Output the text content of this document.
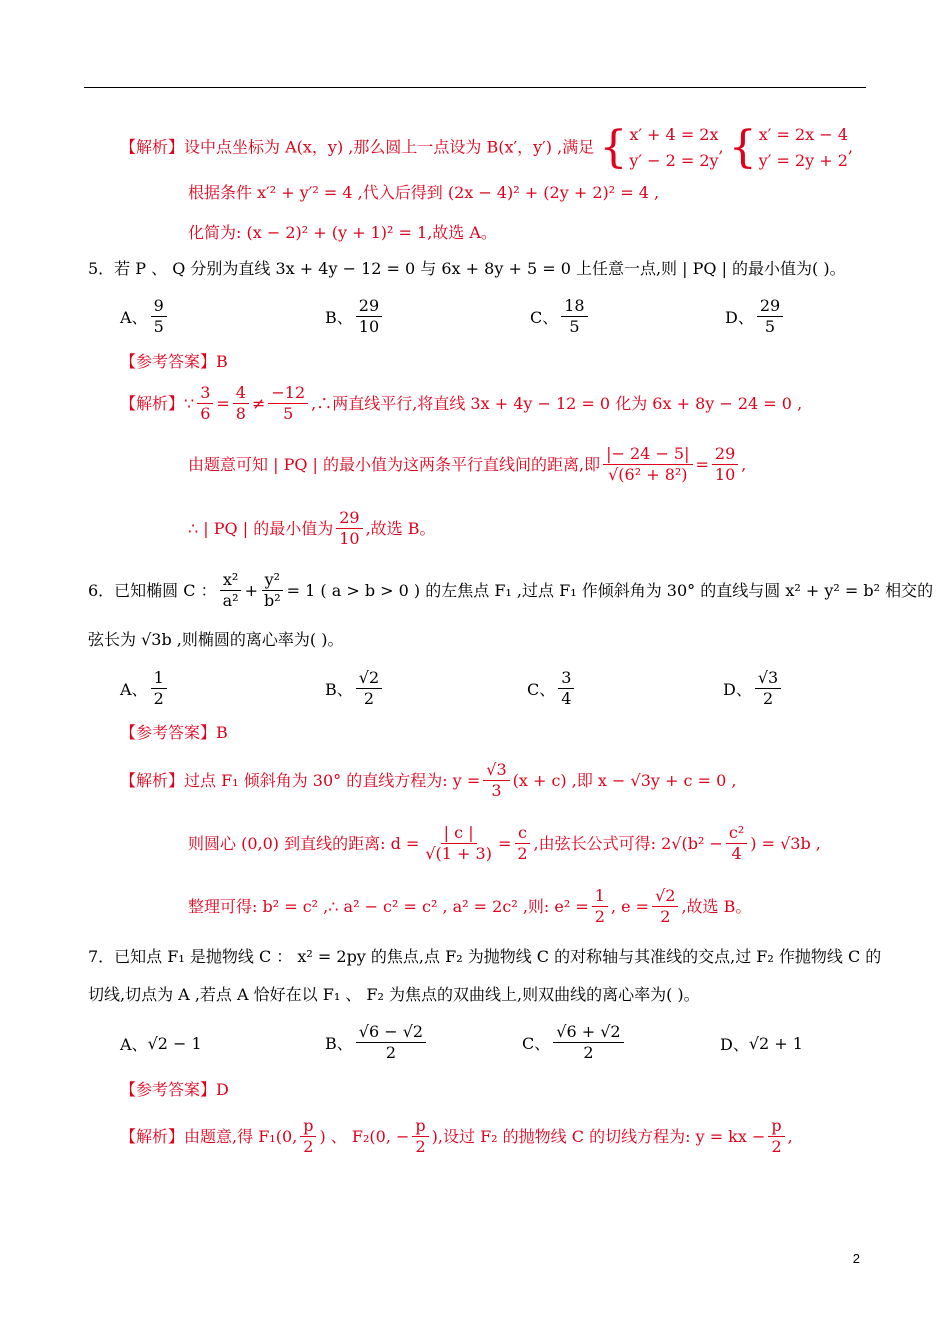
【解析】设中点坐标为 A(x，y) ,那么圆上一点设为 B(x′，y′) ,满足 { x′ + 4 = 2x
y′ − 2 = 2y
, { x′ = 2x − 4
y′ = 2y + 2
,
根据条件 x′² + y′² = 4 ,代入后得到 (2x − 4)² + (2y + 2)² = 4 ,
化简为: (x − 2)² + (y + 1)² = 1,故选 A。
5．若 P 、 Q 分别为直线 3x + 4y − 12 = 0 与 6x + 8y + 5 = 0 上任意一点,则 | PQ | 的最小值为( )。
A、 $\frac{9}{5}$	B、 $\frac{29}{10}$	C、 $\frac{18}{5}$	D、 $\frac{29}{5}$
【参考答案】B
【解析】 ∵ $\frac{3}{6} = \frac{4}{8} \ne \frac{-12}{5}$ ,∴两直线平行,将直线 3x + 4y − 12 = 0 化为 6x + 8y − 24 = 0 ,
由题意可知 | PQ | 的最小值为这两条平行直线间的距离,即 $\frac{|- 24 - 5|}{\text{√(6² + 8²)}} = \frac{29}{10}$ ,
∴ | PQ | 的最小值为 $\frac{29}{10}$ ,故选 B。
6．已知椭圆 C ： $\frac{\text{x²}}{\text{a²}} + \frac{\text{y²}}{\text{b²}} = 1$ ( a > b > 0 ) 的左焦点 F₁ ,过点 F₁ 作倾斜角为 30° 的直线与圆 x² + y² = b² 相交的
弦长为 √3b ,则椭圆的离心率为( )。
A、 $\frac{1}{2}$	B、 $\frac{√2}{2}$	C、 $\frac{3}{4}$	D、 $\frac{√3}{2}$
【参考答案】B
【解析】 过点 F₁ 倾斜角为 30° 的直线方程为: $y = \frac{√3}{3} (x + c)$ ,即 x − √3y + c = 0 ,
则圆心 (0,0) 到直线的距离: $d = \frac{| c |}{√(1 + 3)} = \frac{c}{2}$ ,由弦长公式可得: $2√(b^2 - \frac{\text{c²}}{4}$ ) = √3b ,
整理可得: b² = c² ,∴ a² − c² = c² , a² = 2c² ,则: $e^2 = \frac{1}{2}$ , $e = \frac{√2}{2}$ ,故选 B。
7．已知点 F₁ 是抛物线 C ： x² = 2py 的焦点,点 F₂ 为抛物线 C 的对称轴与其准线的交点,过 F₂ 作抛物线 C 的
切线,切点为 A ,若点 A 恰好在以 F₁ 、 F₂ 为焦点的双曲线上,则双曲线的离心率为( )。
A、 √2 − 1	B、 $\frac{√6 - √2}{2}$	C、 $\frac{√6 + √2}{2}$	D、 √2 + 1
【参考答案】D
【解析】 由题意,得 F₁(0, $\frac{p}{2}$ ) 、 F₂(0, − $\frac{p}{2}$ ),设过 F₂ 的抛物线 C 的切线方程为: y = kx − $\frac{p}{2}$ ,
2
